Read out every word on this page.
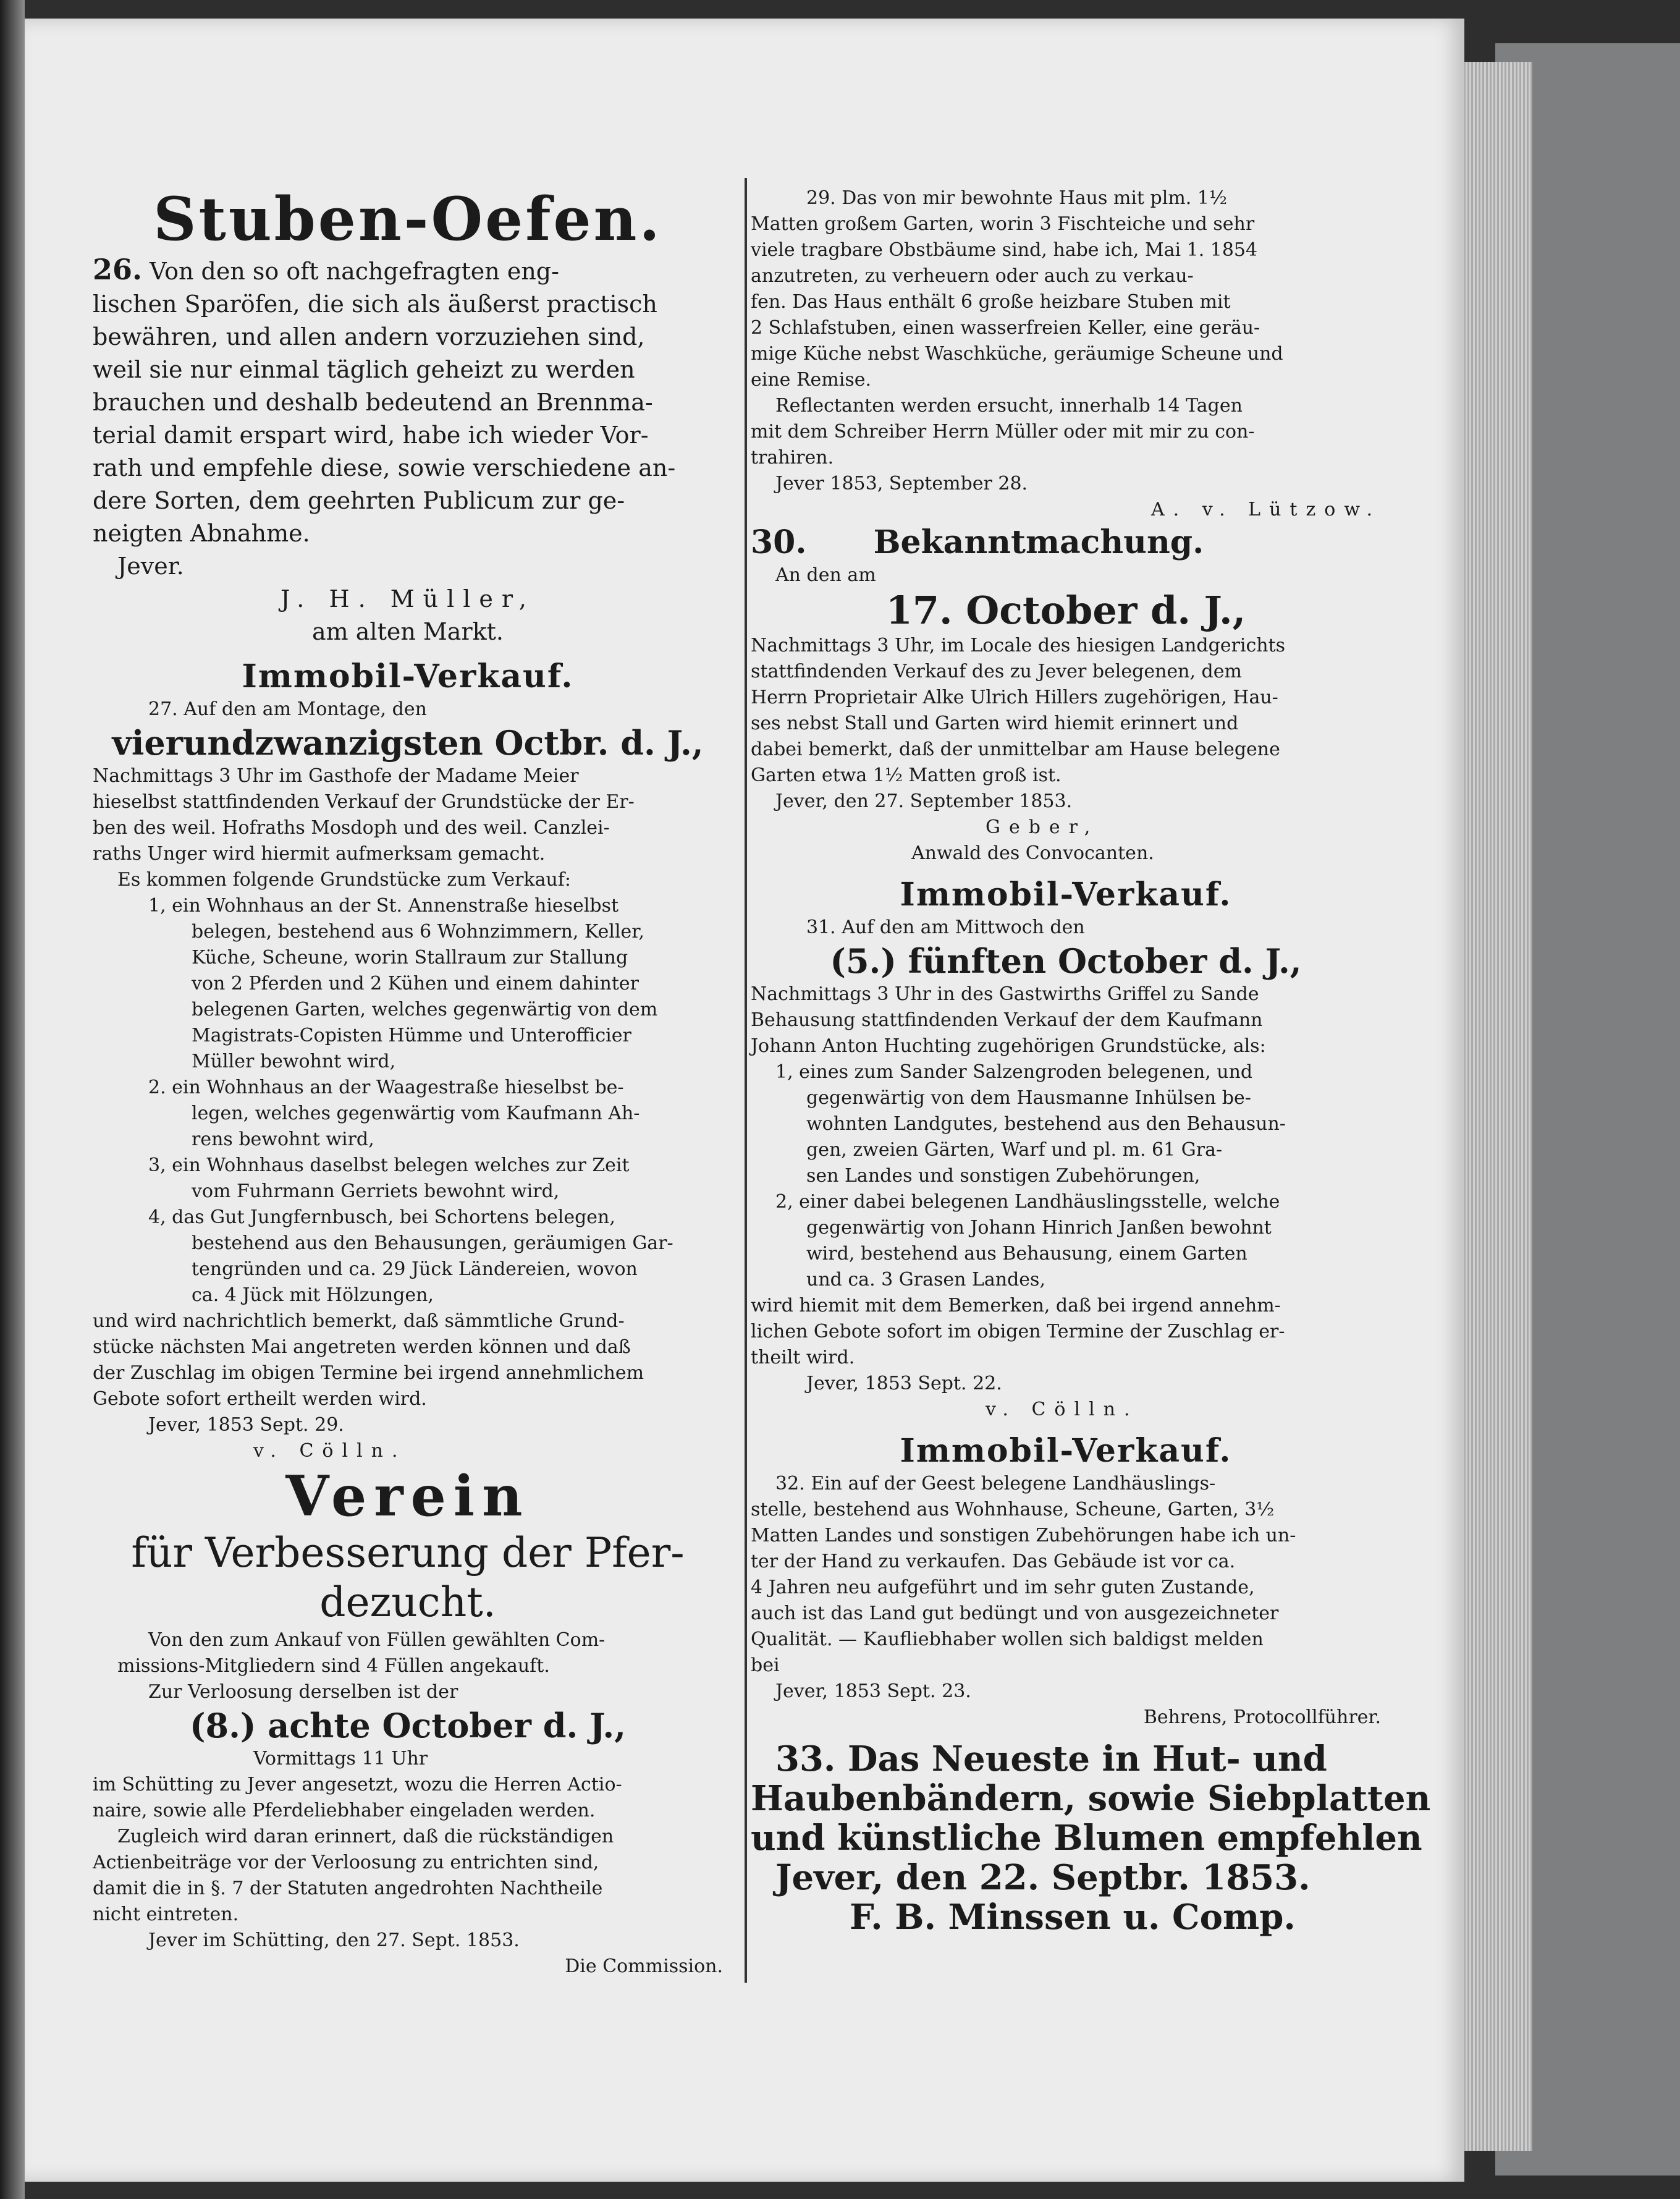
Stuben-Oefen.
26. Von den so oft nachgefragten eng-
lischen Sparöfen, die sich als äußerst practisch
bewähren, und allen andern vorzuziehen sind,
weil sie nur einmal täglich geheizt zu werden
brauchen und deshalb bedeutend an Brennma-
terial damit erspart wird, habe ich wieder Vor-
rath und empfehle diese, sowie verschiedene an-
dere Sorten, dem geehrten Publicum zur ge-
neigten Abnahme.
Jever.
J. H. Müller,
am alten Markt.
Immobil-Verkauf.
27. Auf den am Montage, den
vierundzwanzigsten Octbr. d. J.,
Nachmittags 3 Uhr im Gasthofe der Madame Meier
hieselbst stattfindenden Verkauf der Grundstücke der Er-
ben des weil. Hofraths Mosdoph und des weil. Canzlei-
raths Unger wird hiermit aufmerksam gemacht.
Es kommen folgende Grundstücke zum Verkauf:
1, ein Wohnhaus an der St. Annenstraße hieselbst
belegen, bestehend aus 6 Wohnzimmern, Keller,
Küche, Scheune, worin Stallraum zur Stallung
von 2 Pferden und 2 Kühen und einem dahinter
belegenen Garten, welches gegenwärtig von dem
Magistrats-Copisten Hümme und Unterofficier
Müller bewohnt wird,
2. ein Wohnhaus an der Waagestraße hieselbst be-
legen, welches gegenwärtig vom Kaufmann Ah-
rens bewohnt wird,
3, ein Wohnhaus daselbst belegen welches zur Zeit
vom Fuhrmann Gerriets bewohnt wird,
4, das Gut Jungfernbusch, bei Schortens belegen,
bestehend aus den Behausungen, geräumigen Gar-
tengründen und ca. 29 Jück Ländereien, wovon
ca. 4 Jück mit Hölzungen,
und wird nachrichtlich bemerkt, daß sämmtliche Grund-
stücke nächsten Mai angetreten werden können und daß
der Zuschlag im obigen Termine bei irgend annehmlichem
Gebote sofort ertheilt werden wird.
Jever, 1853 Sept. 29.
v. Cölln.
Verein
für Verbesserung der Pfer-
dezucht.
Von den zum Ankauf von Füllen gewählten Com-
missions-Mitgliedern sind 4 Füllen angekauft.
Zur Verloosung derselben ist der
(8.) achte October d. J.,
Vormittags 11 Uhr
im Schütting zu Jever angesetzt, wozu die Herren Actio-
naire, sowie alle Pferdeliebhaber eingeladen werden.
Zugleich wird daran erinnert, daß die rückständigen
Actienbeiträge vor der Verloosung zu entrichten sind,
damit die in §. 7 der Statuten angedrohten Nachtheile
nicht eintreten.
Jever im Schütting, den 27. Sept. 1853.
Die Commission.
29. Das von mir bewohnte Haus mit plm. 1½
Matten großem Garten, worin 3 Fischteiche und sehr
viele tragbare Obstbäume sind, habe ich, Mai 1. 1854
anzutreten, zu verheuern oder auch zu verkau-
fen. Das Haus enthält 6 große heizbare Stuben mit
2 Schlafstuben, einen wasserfreien Keller, eine geräu-
mige Küche nebst Waschküche, geräumige Scheune und
eine Remise.
Reflectanten werden ersucht, innerhalb 14 Tagen
mit dem Schreiber Herrn Müller oder mit mir zu con-
trahiren.
Jever 1853, September 28.
A. v. Lützow.
30. Bekanntmachung.
An den am
17. October d. J.,
Nachmittags 3 Uhr, im Locale des hiesigen Landgerichts
stattfindenden Verkauf des zu Jever belegenen, dem
Herrn Proprietair Alke Ulrich Hillers zugehörigen, Hau-
ses nebst Stall und Garten wird hiemit erinnert und
dabei bemerkt, daß der unmittelbar am Hause belegene
Garten etwa 1½ Matten groß ist.
Jever, den 27. September 1853.
Geber,
Anwald des Convocanten.
Immobil-Verkauf.
31. Auf den am Mittwoch den
(5.) fünften October d. J.,
Nachmittags 3 Uhr in des Gastwirths Griffel zu Sande
Behausung stattfindenden Verkauf der dem Kaufmann
Johann Anton Huchting zugehörigen Grundstücke, als:
1, eines zum Sander Salzengroden belegenen, und
gegenwärtig von dem Hausmanne Inhülsen be-
wohnten Landgutes, bestehend aus den Behausun-
gen, zweien Gärten, Warf und pl. m. 61 Gra-
sen Landes und sonstigen Zubehörungen,
2, einer dabei belegenen Landhäuslingsstelle, welche
gegenwärtig von Johann Hinrich Janßen bewohnt
wird, bestehend aus Behausung, einem Garten
und ca. 3 Grasen Landes,
wird hiemit mit dem Bemerken, daß bei irgend annehm-
lichen Gebote sofort im obigen Termine der Zuschlag er-
theilt wird.
Jever, 1853 Sept. 22.
v. Cölln.
Immobil-Verkauf.
32. Ein auf der Geest belegene Landhäuslings-
stelle, bestehend aus Wohnhause, Scheune, Garten, 3½
Matten Landes und sonstigen Zubehörungen habe ich un-
ter der Hand zu verkaufen. Das Gebäude ist vor ca.
4 Jahren neu aufgeführt und im sehr guten Zustande,
auch ist das Land gut bedüngt und von ausgezeichneter
Qualität. — Kaufliebhaber wollen sich baldigst melden
bei
Jever, 1853 Sept. 23.
Behrens, Protocollführer.
33. Das Neueste in Hut- und
Haubenbändern, sowie Siebplatten
und künstliche Blumen empfehlen
Jever, den 22. Septbr. 1853.
F. B. Minssen u. Comp.
